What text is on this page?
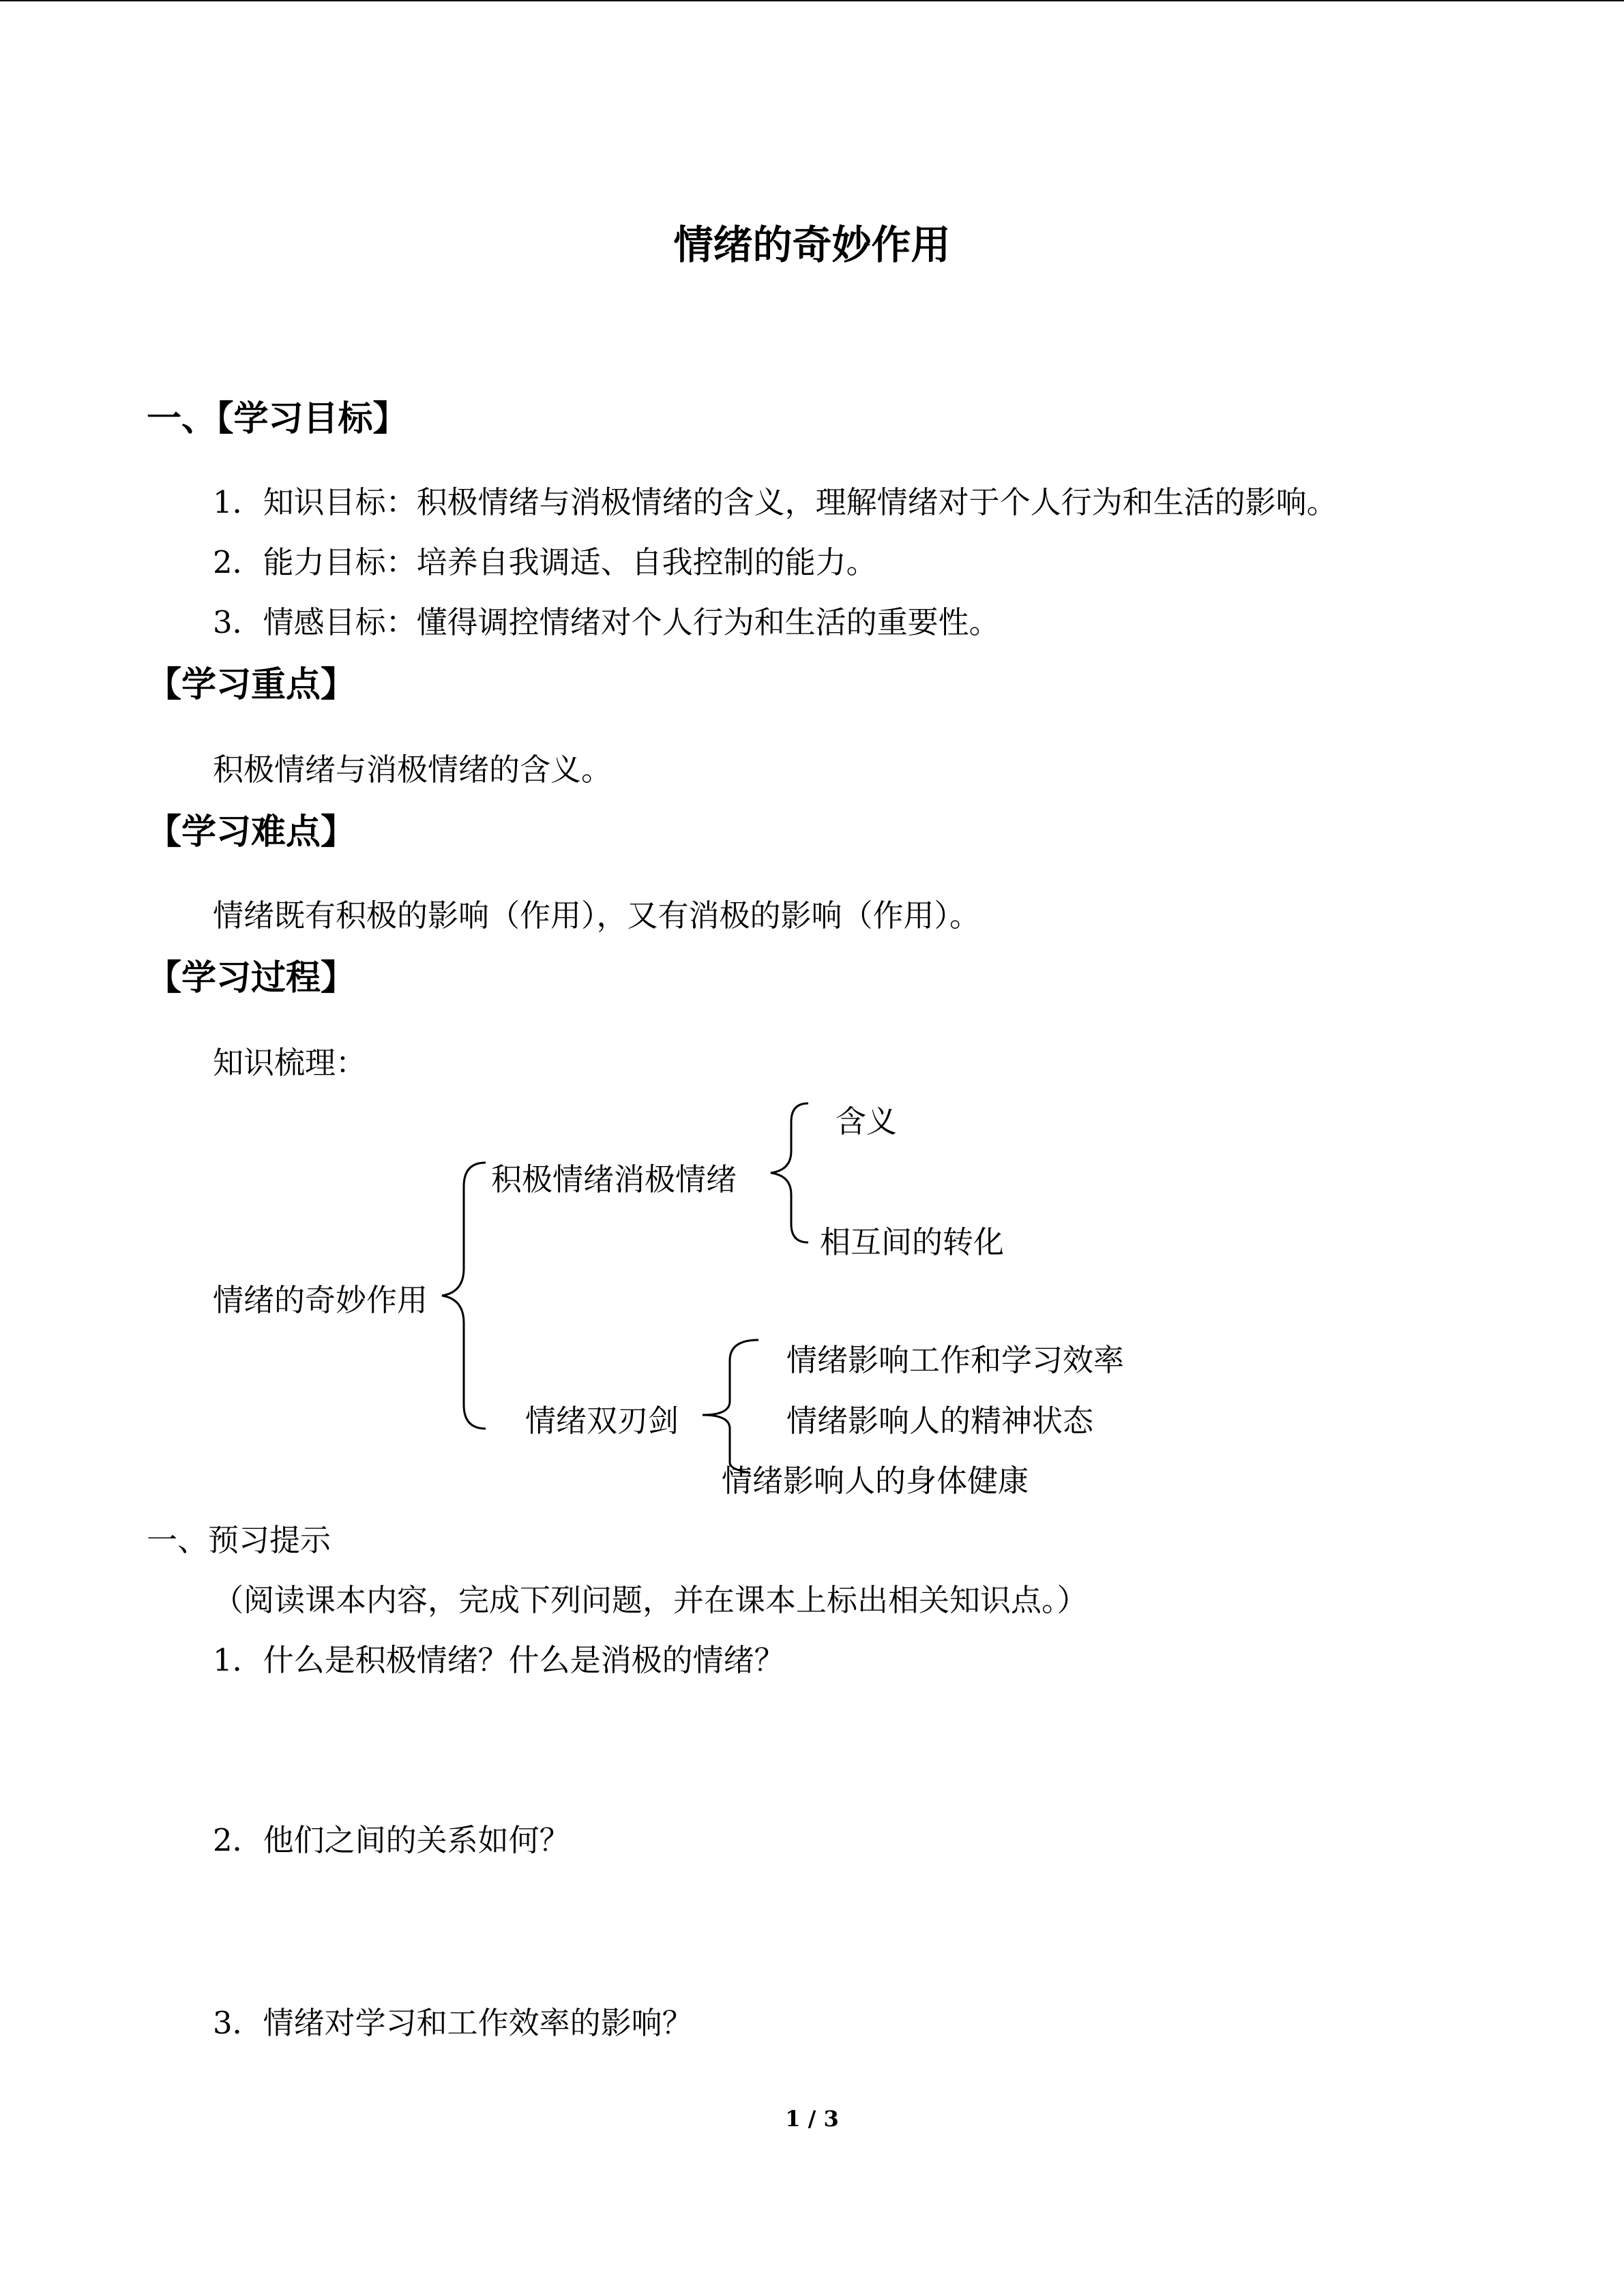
情绪的奇妙作用
一、【学习目标】
1．知识目标：积极情绪与消极情绪的含义，理解情绪对于个人行为和生活的影响。
2．能力目标：培养自我调适、自我控制的能力。
3．情感目标：懂得调控情绪对个人行为和生活的重要性。
【学习重点】
积极情绪与消极情绪的含义。
【学习难点】
情绪既有积极的影响（作用），又有消极的影响（作用）。
【学习过程】
知识梳理：
情绪的奇妙作用
积极情绪消极情绪
含义
相互间的转化
情绪双刃剑
情绪影响工作和学习效率
情绪影响人的精神状态
情绪影响人的身体健康
一、预习提示
（阅读课本内容，完成下列问题，并在课本上标出相关知识点。）
1．什么是积极情绪？什么是消极的情绪？
2．他们之间的关系如何？
3．情绪对学习和工作效率的影响？
1 / 3
